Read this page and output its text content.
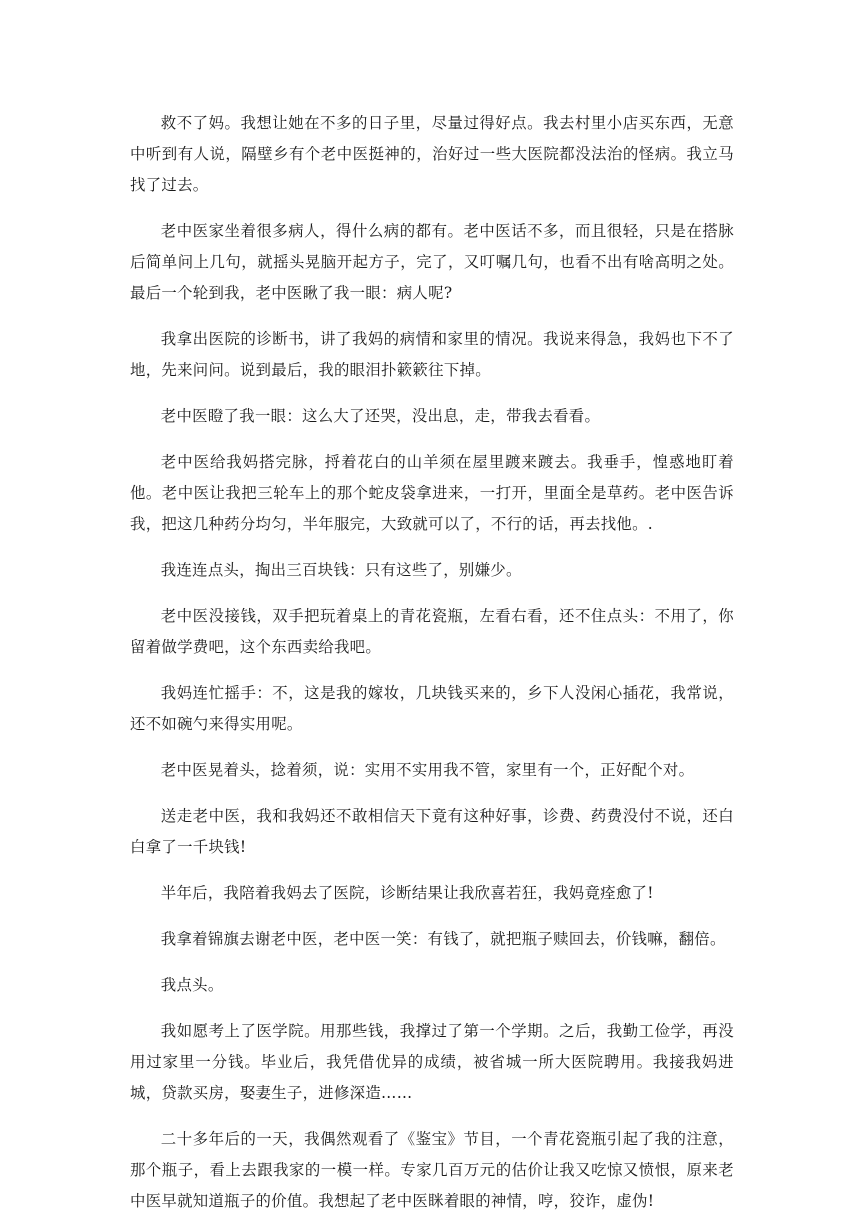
救不了妈。我想让她在不多的日子里，尽量过得好点。我去村里小店买东西，无意中听到有人说，隔壁乡有个老中医挺神的，治好过一些大医院都没法治的怪病。我立马找了过去。

老中医家坐着很多病人，得什么病的都有。老中医话不多，而且很轻，只是在搭脉后简单问上几句，就摇头晃脑开起方子，完了，又叮嘱几句，也看不出有啥高明之处。最后一个轮到我，老中医瞅了我一眼：病人呢?

我拿出医院的诊断书，讲了我妈的病情和家里的情况。我说来得急，我妈也下不了地，先来问问。说到最后，我的眼泪扑簌簌往下掉。

老中医瞪了我一眼：这么大了还哭，没出息，走，带我去看看。

老中医给我妈搭完脉，捋着花白的山羊须在屋里踱来踱去。我垂手，惶惑地盯着他。老中医让我把三轮车上的那个蛇皮袋拿进来，一打开，里面全是草药。老中医告诉我，把这几种药分均匀，半年服完，大致就可以了，不行的话，再去找他。.

我连连点头，掏出三百块钱：只有这些了，别嫌少。

老中医没接钱，双手把玩着桌上的青花瓷瓶，左看右看，还不住点头：不用了，你留着做学费吧，这个东西卖给我吧。

我妈连忙摇手：不，这是我的嫁妆，几块钱买来的，乡下人没闲心插花，我常说，还不如碗勺来得实用呢。

老中医晃着头，捻着须，说：实用不实用我不管，家里有一个，正好配个对。

送走老中医，我和我妈还不敢相信天下竟有这种好事，诊费、药费没付不说，还白白拿了一千块钱!

半年后，我陪着我妈去了医院，诊断结果让我欣喜若狂，我妈竟痊愈了!

我拿着锦旗去谢老中医，老中医一笑：有钱了，就把瓶子赎回去，价钱嘛，翻倍。

我点头。

我如愿考上了医学院。用那些钱，我撑过了第一个学期。之后，我勤工俭学，再没用过家里一分钱。毕业后，我凭借优异的成绩，被省城一所大医院聘用。我接我妈进城，贷款买房，娶妻生子，进修深造……

二十多年后的一天，我偶然观看了《鉴宝》节目，一个青花瓷瓶引起了我的注意，那个瓶子，看上去跟我家的一模一样。专家几百万元的估价让我又吃惊又愤恨，原来老中医早就知道瓶子的价值。我想起了老中医眯着眼的神情，哼，狡诈，虚伪!
